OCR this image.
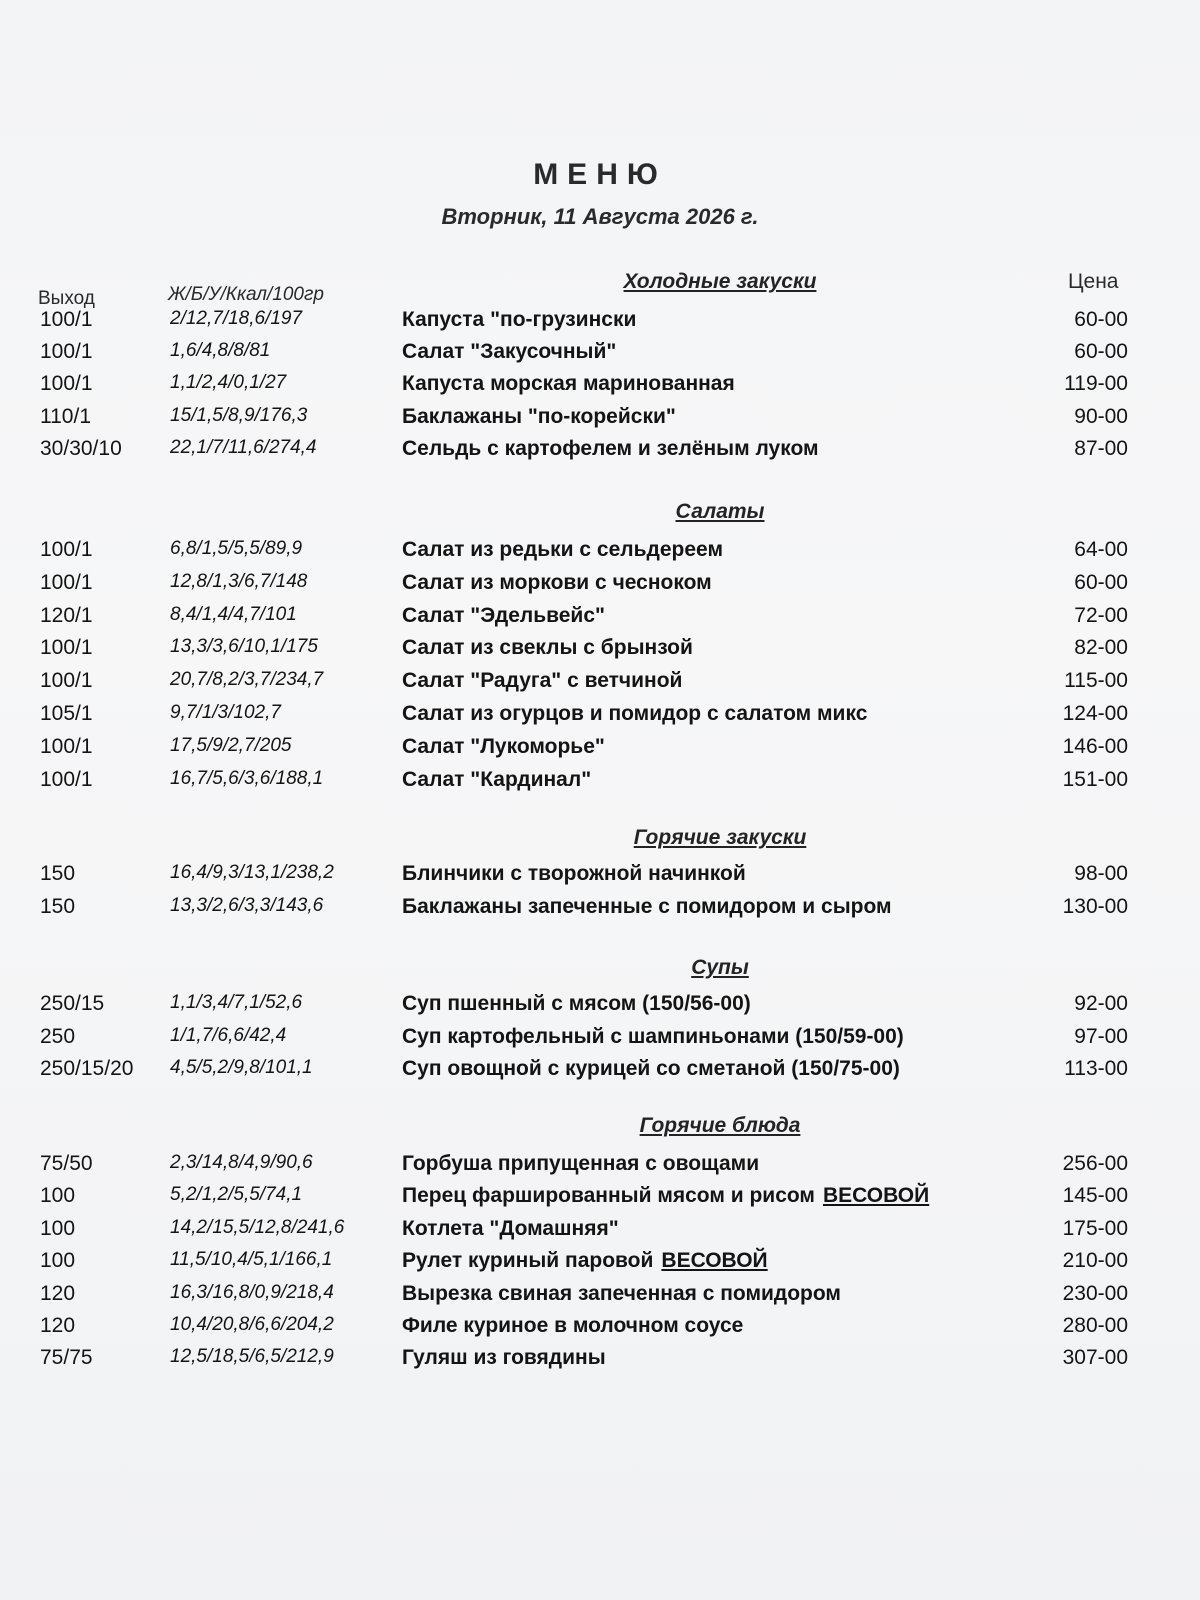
МЕНЮ
Вторник, 11 Августа 2026 г.
Выход	Ж/Б/У/Ккал/100гр
Цена
Холодные закуски
100/1	2/12,7/18,6/197	Капуста "по-грузински	60-00
100/1	1,6/4,8/8/81	Салат "Закусочный"	60-00
100/1	1,1/2,4/0,1/27	Капуста морская маринованная	119-00
110/1	15/1,5/8,9/176,3	Баклажаны "по-корейски"	90-00
30/30/10	22,1/7/11,6/274,4	Сельдь с картофелем и зелёным луком	87-00
Салаты
100/1	6,8/1,5/5,5/89,9	Салат из редьки с сельдереем	64-00
100/1	12,8/1,3/6,7/148	Салат из моркови с чесноком	60-00
120/1	8,4/1,4/4,7/101	Салат "Эдельвейс"	72-00
100/1	13,3/3,6/10,1/175	Салат из свеклы с брынзой	82-00
100/1	20,7/8,2/3,7/234,7	Салат "Радуга" с ветчиной	115-00
105/1	9,7/1/3/102,7	Салат из огурцов и помидор с салатом микс	124-00
100/1	17,5/9/2,7/205	Салат "Лукоморье"	146-00
100/1	16,7/5,6/3,6/188,1	Салат "Кардинал"	151-00
Горячие закуски
150	16,4/9,3/13,1/238,2	Блинчики с творожной начинкой	98-00
150	13,3/2,6/3,3/143,6	Баклажаны запеченные с помидором и сыром	130-00
Супы
250/15	1,1/3,4/7,1/52,6	Суп пшенный с мясом (150/56-00)	92-00
250	1/1,7/6,6/42,4	Суп картофельный с шампиньонами (150/59-00)	97-00
250/15/20 4,5/5,2/9,8/101,1	Суп овощной с курицей со сметаной (150/75-00)	113-00
Горячие блюда
75/50	2,3/14,8/4,9/90,6	Горбуша припущенная с овощами	256-00
100	5,2/1,2/5,5/74,1	Перец фаршированный мясом и рисом ВЕСОВОЙ	145-00
100	14,2/15,5/12,8/241,6	Котлета "Домашняя"	175-00
100	11,5/10,4/5,1/166,1	Рулет куриный паровой ВЕСОВОЙ	210-00
120	16,3/16,8/0,9/218,4	Вырезка свиная запеченная с помидором	230-00
120	10,4/20,8/6,6/204,2	Филе куриное в молочном соусе	280-00
75/75	12,5/18,5/6,5/212,9	Гуляш из говядины	307-00
